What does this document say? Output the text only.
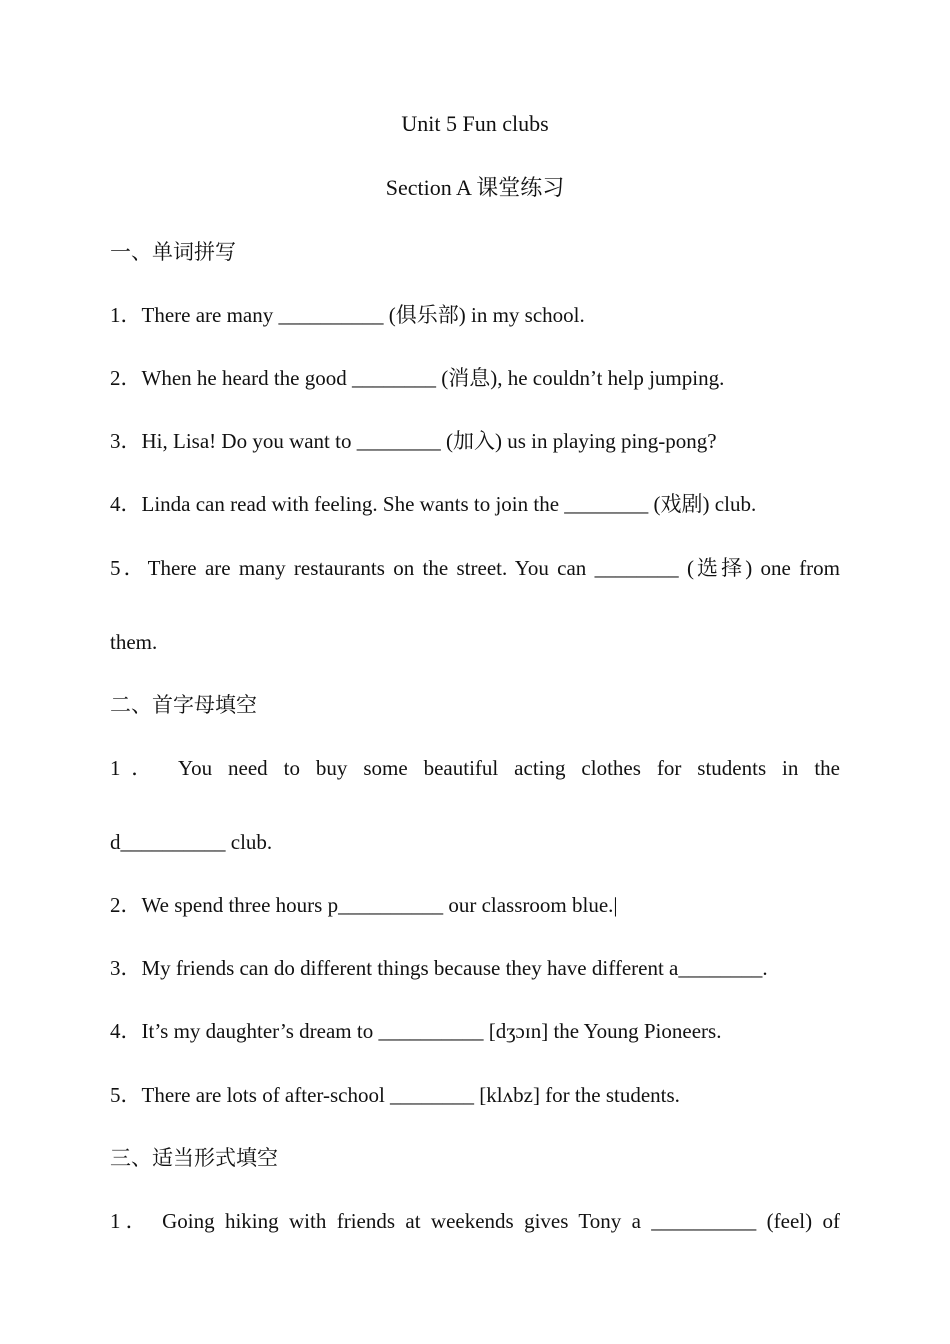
Unit 5 Fun clubs
Section A 课堂练习
一、单词拼写
1．There are many __________ (俱乐部) in my school.
2．When he heard the good ________ (消息), he couldn’t help jumping.
3．Hi, Lisa! Do you want to ________ (加入) us in playing ping-pong?
4．Linda can read with feeling. She wants to join the ________ (戏剧) club.
5．There are many restaurants on the street. You can ________ (选择) one from
them.
二、首字母填空
1． You need to buy some beautiful acting clothes for students in the
d__________ club.
2．We spend three hours p__________ our classroom blue.|
3．My friends can do different things because they have different a________.
4．It’s my daughter’s dream to __________ [dʒɔɪn] the Young Pioneers.
5．There are lots of after-school ________ [klʌbz] for the students.
三、适当形式填空
1． Going hiking with friends at weekends gives Tony a __________ (feel) of
